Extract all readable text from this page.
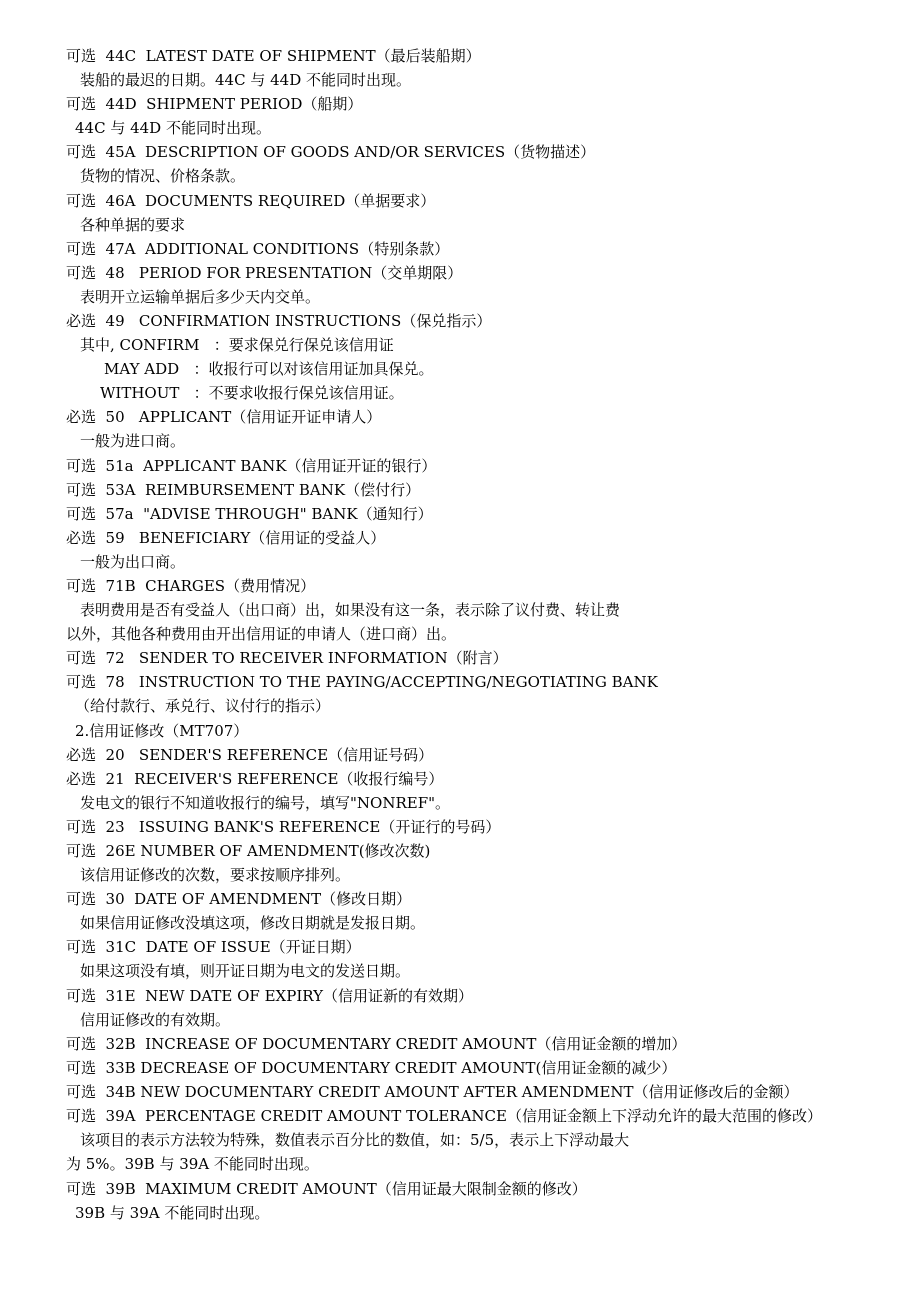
可选  44C  LATEST DATE OF SHIPMENT（最后装船期）
装船的最迟的日期。44C 与 44D 不能同时出现。
可选  44D  SHIPMENT PERIOD（船期）
44C 与 44D 不能同时出现。
可选  45A  DESCRIPTION OF GOODS AND/OR SERVICES（货物描述）
货物的情况、价格条款。
可选  46A  DOCUMENTS REQUIRED（单据要求）
各种单据的要求
可选  47A  ADDITIONAL CONDITIONS（特别条款）
可选  48   PERIOD FOR PRESENTATION（交单期限）
表明开立运输单据后多少天内交单。
必选  49   CONFIRMATION INSTRUCTIONS（保兑指示）
其中, CONFIRM   ：要求保兑行保兑该信用证
MAY ADD   ：收报行可以对该信用证加具保兑。
WITHOUT   ：不要求收报行保兑该信用证。
必选  50   APPLICANT（信用证开证申请人）
一般为进口商。
可选  51a  APPLICANT BANK（信用证开证的银行）
可选  53A  REIMBURSEMENT BANK（偿付行）
可选  57a  "ADVISE THROUGH" BANK（通知行）
必选  59   BENEFICIARY（信用证的受益人）
一般为出口商。
可选  71B  CHARGES（费用情况）
表明费用是否有受益人（出口商）出，如果没有这一条，表示除了议付费、转让费
以外，其他各种费用由开出信用证的申请人（进口商）出。
可选  72   SENDER TO RECEIVER INFORMATION（附言）
可选  78   INSTRUCTION TO THE PAYING/ACCEPTING/NEGOTIATING BANK
（给付款行、承兑行、议付行的指示）
2.信用证修改（MT707）
必选  20   SENDER'S REFERENCE（信用证号码）
必选  21  RECEIVER'S REFERENCE（收报行编号）
发电文的银行不知道收报行的编号，填写"NONREF"。
可选  23   ISSUING BANK'S REFERENCE（开证行的号码）
可选  26E NUMBER OF AMENDMENT(修改次数)
该信用证修改的次数，要求按顺序排列。
可选  30  DATE OF AMENDMENT（修改日期）
如果信用证修改没填这项，修改日期就是发报日期。
可选  31C  DATE OF ISSUE（开证日期）
如果这项没有填，则开证日期为电文的发送日期。
可选  31E  NEW DATE OF EXPIRY（信用证新的有效期）
信用证修改的有效期。
可选  32B  INCREASE OF DOCUMENTARY CREDIT AMOUNT（信用证金额的增加）
可选  33B DECREASE OF DOCUMENTARY CREDIT AMOUNT(信用证金额的减少）
可选  34B NEW DOCUMENTARY CREDIT AMOUNT AFTER AMENDMENT（信用证修改后的金额）
可选  39A  PERCENTAGE CREDIT AMOUNT TOLERANCE（信用证金额上下浮动允许的最大范围的修改）
该项目的表示方法较为特殊，数值表示百分比的数值，如：5/5，表示上下浮动最大
为 5%。39B 与 39A 不能同时出现。
可选  39B  MAXIMUM CREDIT AMOUNT（信用证最大限制金额的修改）
39B 与 39A 不能同时出现。
